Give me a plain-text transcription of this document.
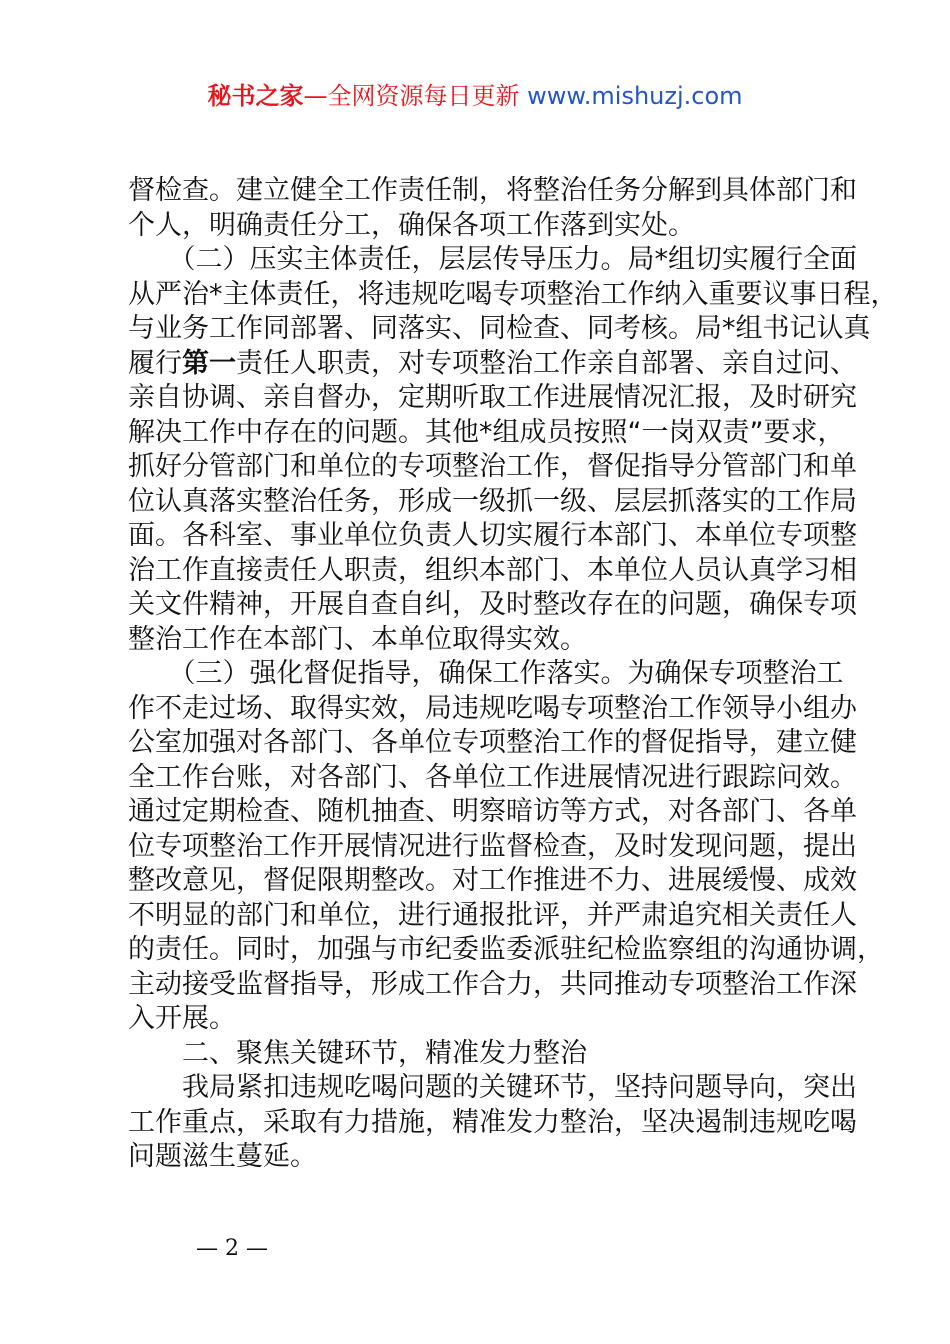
秘书之家—全网资源每日更新 www.mishuzj.com
督检查。建立健全工作责任制，将整治任务分解到具体部门和
个人，明确责任分工，确保各项工作落到实处。
　　（二）压实主体责任，层层传导压力。局*组切实履行全面
从严治*主体责任，将违规吃喝专项整治工作纳入重要议事日程，
与业务工作同部署、同落实、同检查、同考核。局*组书记认真
履行第一责任人职责，对专项整治工作亲自部署、亲自过问、
亲自协调、亲自督办，定期听取工作进展情况汇报，及时研究
解决工作中存在的问题。其他*组成员按照“一岗双责”要求，
抓好分管部门和单位的专项整治工作，督促指导分管部门和单
位认真落实整治任务，形成一级抓一级、层层抓落实的工作局
面。各科室、事业单位负责人切实履行本部门、本单位专项整
治工作直接责任人职责，组织本部门、本单位人员认真学习相
关文件精神，开展自查自纠，及时整改存在的问题，确保专项
整治工作在本部门、本单位取得实效。
　　（三）强化督促指导，确保工作落实。为确保专项整治工
作不走过场、取得实效，局违规吃喝专项整治工作领导小组办
公室加强对各部门、各单位专项整治工作的督促指导，建立健
全工作台账，对各部门、各单位工作进展情况进行跟踪问效。
通过定期检查、随机抽查、明察暗访等方式，对各部门、各单
位专项整治工作开展情况进行监督检查，及时发现问题，提出
整改意见，督促限期整改。对工作推进不力、进展缓慢、成效
不明显的部门和单位，进行通报批评，并严肃追究相关责任人
的责任。同时，加强与市纪委监委派驻纪检监察组的沟通协调，
主动接受监督指导，形成工作合力，共同推动专项整治工作深
入开展。
　　二、聚焦关键环节，精准发力整治
　　我局紧扣违规吃喝问题的关键环节，坚持问题导向，突出
工作重点，采取有力措施，精准发力整治，坚决遏制违规吃喝
问题滋生蔓延。
— 2 —
